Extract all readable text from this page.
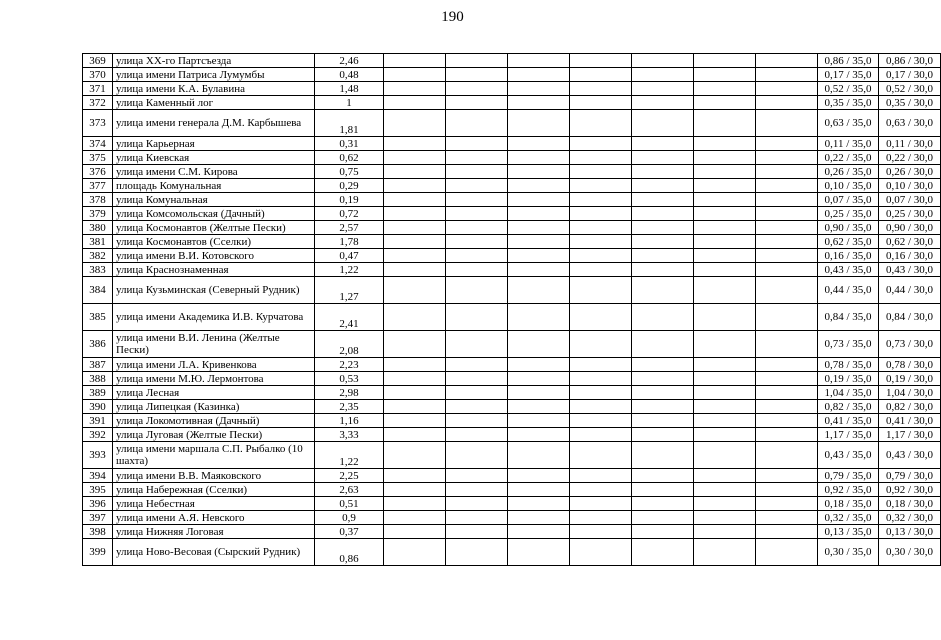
190
369	улица XX-го Партсъезда	2,46								0,86 / 35,0	0,86 / 30,0
370	улица имени Патриса Лумумбы	0,48								0,17 / 35,0	0,17 / 30,0
371	улица имени К.А. Булавина	1,48								0,52 / 35,0	0,52 / 30,0
372	улица Каменный лог	1								0,35 / 35,0	0,35 / 30,0
373	улица имени генерала Д.М. Карбышева	1,81								0,63 / 35,0	0,63 / 30,0
374	улица Карьерная	0,31								0,11 / 35,0	0,11 / 30,0
375	улица Киевская	0,62								0,22 / 35,0	0,22 / 30,0
376	улица имени С.М. Кирова	0,75								0,26 / 35,0	0,26 / 30,0
377	площадь Комунальная	0,29								0,10 / 35,0	0,10 / 30,0
378	улица Комунальная	0,19								0,07 / 35,0	0,07 / 30,0
379	улица Комсомольская (Дачный)	0,72								0,25 / 35,0	0,25 / 30,0
380	улица Космонавтов (Желтые Пески)	2,57								0,90 / 35,0	0,90 / 30,0
381	улица Космонавтов (Сселки)	1,78								0,62 / 35,0	0,62 / 30,0
382	улица имени В.И. Котовского	0,47								0,16 / 35,0	0,16 / 30,0
383	улица Краснознаменная	1,22								0,43 / 35,0	0,43 / 30,0
384	улица Кузьминская (Северный Рудник)	1,27								0,44 / 35,0	0,44 / 30,0
385	улица имени Академика И.В. Курчатова	2,41								0,84 / 35,0	0,84 / 30,0
386	улица имени В.И. Ленина (Желтые Пески)	2,08								0,73 / 35,0	0,73 / 30,0
387	улица имени Л.А. Кривенкова	2,23								0,78 / 35,0	0,78 / 30,0
388	улица имени М.Ю. Лермонтова	0,53								0,19 / 35,0	0,19 / 30,0
389	улица Лесная	2,98								1,04 / 35,0	1,04 / 30,0
390	улица Липецкая (Казинка)	2,35								0,82 / 35,0	0,82 / 30,0
391	улица Локомотивная (Дачный)	1,16								0,41 / 35,0	0,41 / 30,0
392	улица Луговая (Желтые Пески)	3,33								1,17 / 35,0	1,17 / 30,0
393	улица имени маршала С.П. Рыбалко (10 шахта)	1,22								0,43 / 35,0	0,43 / 30,0
394	улица имени В.В. Маяковского	2,25								0,79 / 35,0	0,79 / 30,0
395	улица Набережная (Сселки)	2,63								0,92 / 35,0	0,92 / 30,0
396	улица Небестная	0,51								0,18 / 35,0	0,18 / 30,0
397	улица имени А.Я. Невского	0,9								0,32 / 35,0	0,32 / 30,0
398	улица Нижняя Логовая	0,37								0,13 / 35,0	0,13 / 30,0
399	улица Ново-Весовая (Сырский Рудник)	0,86								0,30 / 35,0	0,30 / 30,0
